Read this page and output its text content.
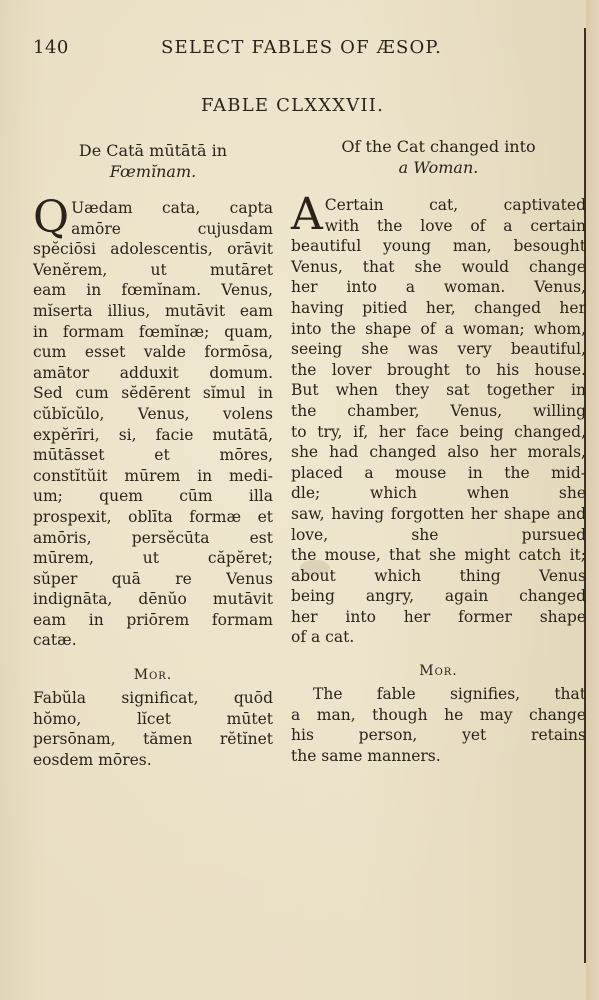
140	SELECT FABLES OF ÆSOP.
FABLE CLXXXVII.
De Catā mūtātā in
Fœmĭnam.
Q Uædam cata, capta
amōre cujusdam
spĕciōsi adolescentis, orāvit
Venĕrem, ut mutāret
eam in fœmĭnam. Venus,
mĭserta illius, mutāvit eam
in formam fœmĭnæ; quam,
cum esset valde formōsa,
amātor adduxit domum.
Sed cum sĕdērent sĭmul in
cŭbĭcŭlo, Venus, volens
expĕrīri, si, facie mutātā,
mūtāsset et mōres,
constĭtŭit mūrem in medi-
um; quem cūm illa
prospexit, oblīta formæ et
amōris, persĕcūta est
mūrem, ut căpĕret;
sŭper quā re Venus
indignāta, dēnŭo mutāvit
eam in priōrem formam
catæ.
Mor.
Fabŭla significat, quōd
hŏmo, lĭcet mūtet
persōnam, tămen rĕtĭnet
eosdem mōres.
Of the Cat changed into
a Woman.
A Certain cat, captivated
with the love of a certain
beautiful young man, besought
Venus, that she would change
her into a woman. Venus,
having pitied her, changed her
into the shape of a woman; whom,
seeing she was very beautiful,
the lover brought to his house.
But when they sat together in
the chamber, Venus, willing
to try, if, her face being changed,
she had changed also her morals,
placed a mouse in the mid-
dle; which when she
saw, having forgotten her shape and
love, she pursued
the mouse, that she might catch it;
about which thing Venus
being angry, again changed
her into her former shape
of a cat.
Mor.
The fable signifies, that
a man, though he may change
his person, yet retains
the same manners.
